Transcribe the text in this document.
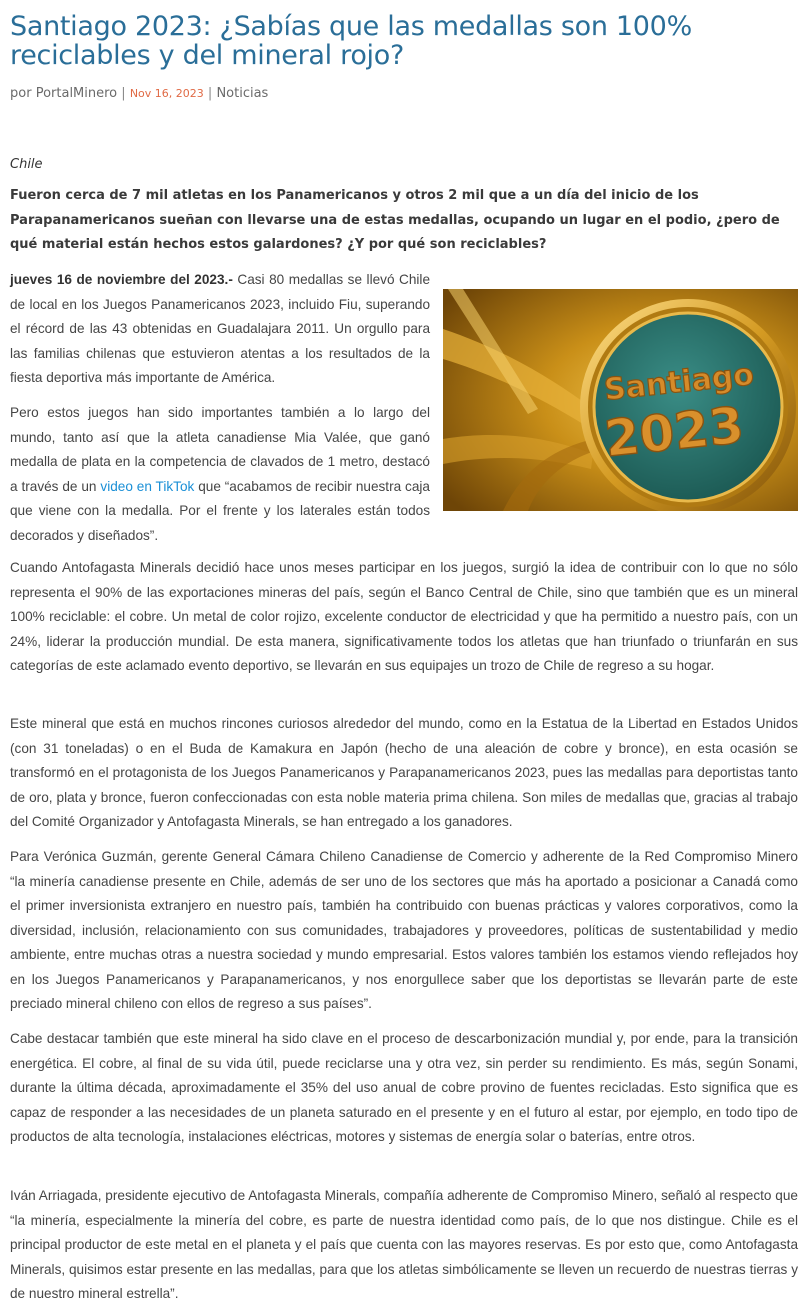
Santiago 2023: ¿Sabías que las medallas son 100% reciclables y del mineral rojo?
por PortalMinero | Nov 16, 2023 | Noticias
Chile

Fueron cerca de 7 mil atletas en los Panamericanos y otros 2 mil que a un día del inicio de los Parapanamericanos sueñan con llevarse una de estas medallas, ocupando un lugar en el podio, ¿pero de qué material están hechos estos galardones? ¿Y por qué son reciclables?

jueves 16 de noviembre del 2023.- Casi 80 medallas se llevó Chile de local en los Juegos Panamericanos 2023, incluido Fiu, superando el récord de las 43 obtenidas en Guadalajara 2011. Un orgullo para las familias chilenas que estuvieron atentas a los resultados de la fiesta deportiva más importante de América.

Pero estos juegos han sido importantes también a lo largo del mundo, tanto así que la atleta canadiense Mia Valée, que ganó medalla de plata en la competencia de clavados de 1 metro, destacó a través de un video en TikTok que “acabamos de recibir nuestra caja que viene con la medalla. Por el frente y los laterales están todos decorados y diseñados”.

Santiago
2023

Cuando Antofagasta Minerals decidió hace unos meses participar en los juegos, surgió la idea de contribuir con lo que no sólo representa el 90% de las exportaciones mineras del país, según el Banco Central de Chile, sino que también que es un mineral 100% reciclable: el cobre. Un metal de color rojizo, excelente conductor de electricidad y que ha permitido a nuestro país, con un 24%, liderar la producción mundial. De esta manera, significativamente todos los atletas que han triunfado o triunfarán en sus categorías de este aclamado evento deportivo, se llevarán en sus equipajes un trozo de Chile de regreso a su hogar.

Este mineral que está en muchos rincones curiosos alrededor del mundo, como en la Estatua de la Libertad en Estados Unidos (con 31 toneladas) o en el Buda de Kamakura en Japón (hecho de una aleación de cobre y bronce), en esta ocasión se transformó en el protagonista de los Juegos Panamericanos y Parapanamericanos 2023, pues las medallas para deportistas tanto de oro, plata y bronce, fueron confeccionadas con esta noble materia prima chilena. Son miles de medallas que, gracias al trabajo del Comité Organizador y Antofagasta Minerals, se han entregado a los ganadores.

Para Verónica Guzmán, gerente General Cámara Chileno Canadiense de Comercio y adherente de la Red Compromiso Minero “la minería canadiense presente en Chile, además de ser uno de los sectores que más ha aportado a posicionar a Canadá como el primer inversionista extranjero en nuestro país, también ha contribuido con buenas prácticas y valores corporativos, como la diversidad, inclusión, relacionamiento con sus comunidades, trabajadores y proveedores, políticas de sustentabilidad y medio ambiente, entre muchas otras a nuestra sociedad y mundo empresarial. Estos valores también los estamos viendo reflejados hoy en los Juegos Panamericanos y Parapanamericanos, y nos enorgullece saber que los deportistas se llevarán parte de este preciado mineral chileno con ellos de regreso a sus países”.

Cabe destacar también que este mineral ha sido clave en el proceso de descarbonización mundial y, por ende, para la transición energética. El cobre, al final de su vida útil, puede reciclarse una y otra vez, sin perder su rendimiento. Es más, según Sonami, durante la última década, aproximadamente el 35% del uso anual de cobre provino de fuentes recicladas. Esto significa que es capaz de responder a las necesidades de un planeta saturado en el presente y en el futuro al estar, por ejemplo, en todo tipo de productos de alta tecnología, instalaciones eléctricas, motores y sistemas de energía solar o baterías, entre otros.

Iván Arriagada, presidente ejecutivo de Antofagasta Minerals, compañía adherente de Compromiso Minero, señaló al respecto que “la minería, especialmente la minería del cobre, es parte de nuestra identidad como país, de lo que nos distingue. Chile es el principal productor de este metal en el planeta y el país que cuenta con las mayores reservas. Es por esto que, como Antofagasta Minerals, quisimos estar presente en las medallas, para que los atletas simbólicamente se lleven un recuerdo de nuestras tierras y de nuestro mineral estrella”.
